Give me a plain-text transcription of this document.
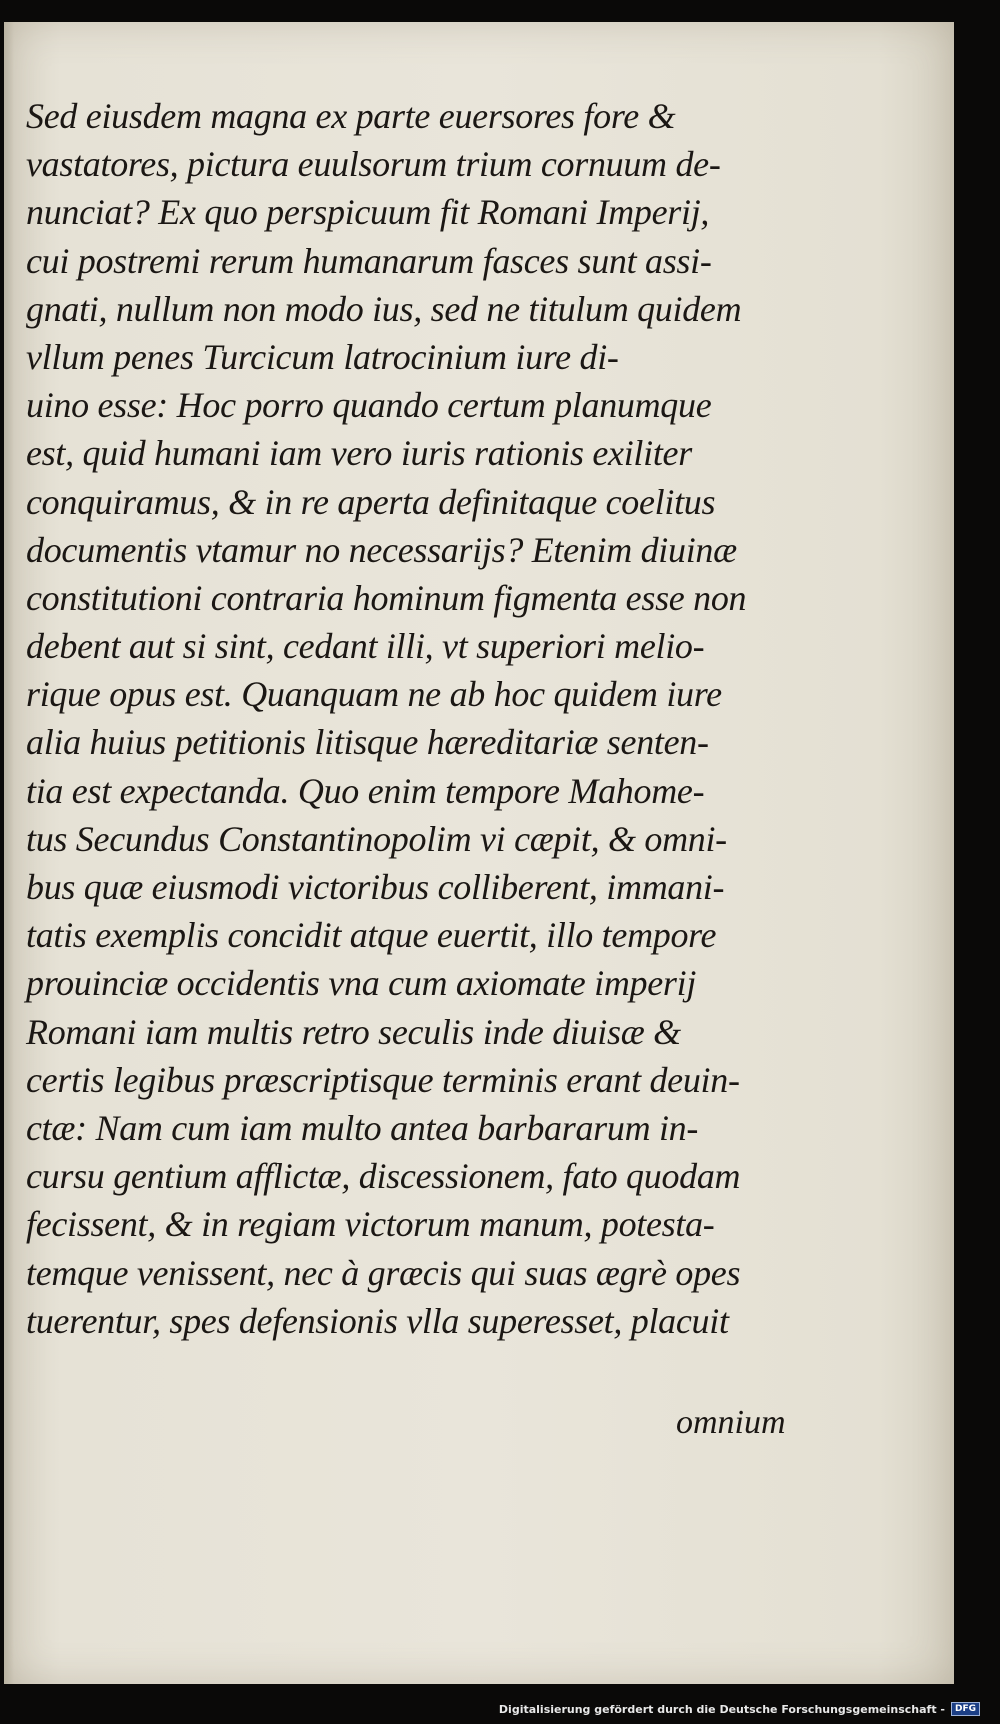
Sed eiusdem magna ex parte euersores fore &
vastatores, pictura euulsorum trium cornuum de-
nunciat? Ex quo perspicuum fit Romani Imperij,
cui postremi rerum humanarum fasces sunt assi-
gnati, nullum non modo ius, sed ne titulum quidem
vllum penes Turcicum latrocinium iure di-
uino esse: Hoc porro quando certum planumque
est, quid humani iam vero iuris rationis exiliter
conquiramus, & in re aperta definitaque coelitus
documentis vtamur no necessarijs? Etenim diuinæ
constitutioni contraria hominum figmenta esse non
debent aut si sint, cedant illi, vt superiori melio-
rique opus est. Quanquam ne ab hoc quidem iure
alia huius petitionis litisque hæreditariæ senten-
tia est expectanda. Quo enim tempore Mahome-
tus Secundus Constantinopolim vi cæpit, & omni-
bus quæ eiusmodi victoribus colliberent, immani-
tatis exemplis concidit atque euertit, illo tempore
prouinciæ occidentis vna cum axiomate imperij
Romani iam multis retro seculis inde diuisæ &
certis legibus præscriptisque terminis erant deuin-
ctæ: Nam cum iam multo antea barbararum in-
cursu gentium afflictæ, discessionem, fato quodam
fecissent, & in regiam victorum manum, potesta-
temque venissent, nec à græcis qui suas ægrè opes
tuerentur, spes defensionis vlla superesset, placuit
omnium
Digitalisierung gefördert durch die Deutsche Forschungsgemeinschaft -	DFG
